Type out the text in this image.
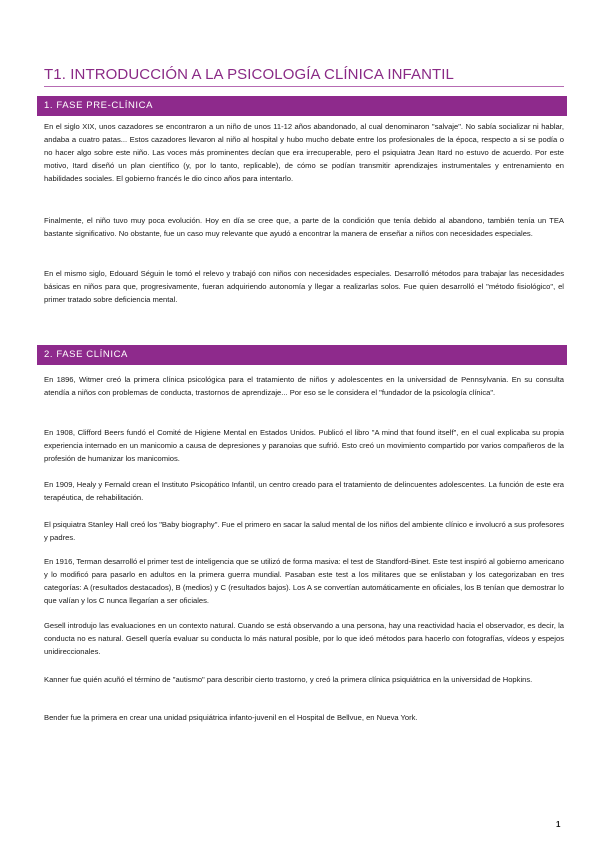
T1. INTRODUCCIÓN A LA PSICOLOGÍA CLÍNICA INFANTIL
1. FASE PRE-CLÍNICA

En el siglo XIX, unos cazadores se encontraron a un niño de unos 11-12 años abandonado, al cual denominaron "salvaje". No sabía socializar ni hablar, andaba a cuatro patas... Estos cazadores llevaron al niño al hospital y hubo mucho debate entre los profesionales de la época, respecto a si se podía o no hacer algo sobre este niño. Las voces más prominentes decían que era irrecuperable, pero el psiquiatra Jean Itard no estuvo de acuerdo. Por este motivo, Itard diseñó un plan científico (y, por lo tanto, replicable), de cómo se podían transmitir aprendizajes instrumentales y entrenamiento en habilidades sociales. El gobierno francés le dio cinco años para intentarlo.

Finalmente, el niño tuvo muy poca evolución. Hoy en día se cree que, a parte de la condición que tenía debido al abandono, también tenía un TEA bastante significativo. No obstante, fue un caso muy relevante que ayudó a encontrar la manera de enseñar a niños con necesidades especiales.

En el mismo siglo, Edouard Séguin le tomó el relevo y trabajó con niños con necesidades especiales. Desarrolló métodos para trabajar las necesidades básicas en niños para que, progresivamente, fueran adquiriendo autonomía y llegar a realizarlas solos. Fue quien desarrolló el "método fisiológico", el primer tratado sobre deficiencia mental.

2. FASE CLÍNICA

En 1896, Witmer creó la primera clínica psicológica para el tratamiento de niños y adolescentes en la universidad de Pennsylvania. En su consulta atendía a niños con problemas de conducta, trastornos de aprendizaje... Por eso se le considera el "fundador de la psicología clínica".

En 1908, Clifford Beers fundó el Comité de Higiene Mental en Estados Unidos. Publicó el libro "A mind that found itself", en el cual explicaba su propia experiencia internado en un manicomio a causa de depresiones y paranoias que sufrió. Esto creó un movimiento compartido por varios compañeros de la profesión de humanizar los manicomios.

En 1909, Healy y Fernald crean el Instituto Psicopático Infantil, un centro creado para el tratamiento de delincuentes adolescentes. La función de este era terapéutica, de rehabilitación.

El psiquiatra Stanley Hall creó los "Baby biography". Fue el primero en sacar la salud mental de los niños del ambiente clínico e involucró a sus profesores y padres.

En 1916, Terman desarrolló el primer test de inteligencia que se utilizó de forma masiva: el test de Standford-Binet. Este test inspiró al gobierno americano y lo modificó para pasarlo en adultos en la primera guerra mundial. Pasaban este test a los militares que se enlistaban y los categorizaban en tres categorías: A (resultados destacados), B (medios) y C (resultados bajos). Los A se convertían automáticamente en oficiales, los B tenían que demostrar lo que valían y los C nunca llegarían a ser oficiales.

Gesell introdujo las evaluaciones en un contexto natural. Cuando se está observando a una persona, hay una reactividad hacia el observador, es decir, la conducta no es natural. Gesell quería evaluar su conducta lo más natural posible, por lo que ideó métodos para hacerlo con fotografías, vídeos y espejos unidireccionales.

Kanner fue quién acuñó el término de "autismo" para describir cierto trastorno, y creó la primera clínica psiquiátrica en la universidad de Hopkins.

Bender fue la primera en crear una unidad psiquiátrica infanto-juvenil en el Hospital de Bellvue, en Nueva York.

1
